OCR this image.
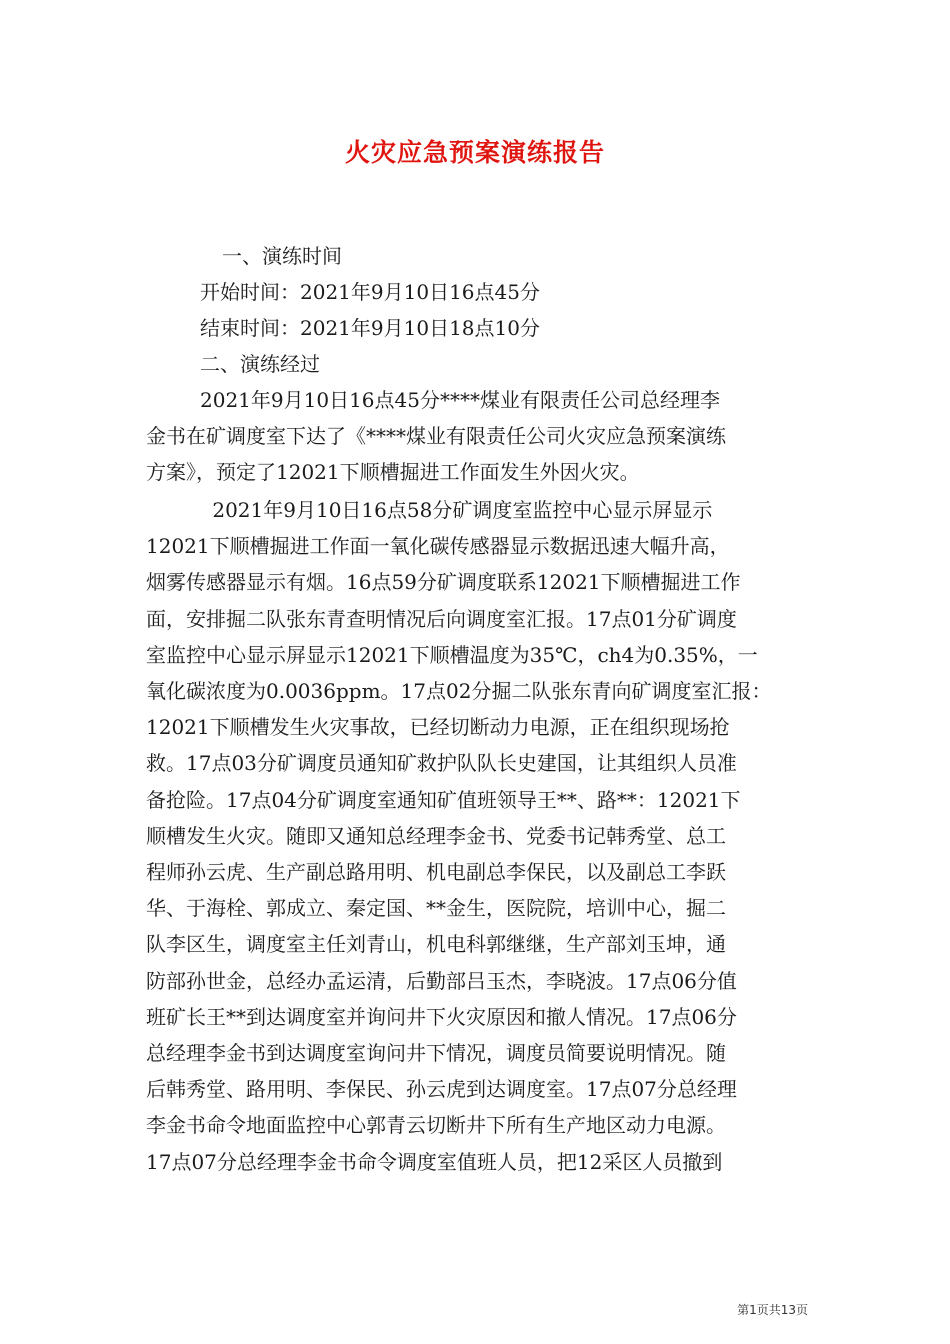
火灾应急预案演练报告
一、演练时间
开始时间：2021年9月10日16点45分
结束时间：2021年9月10日18点10分
二、演练经过
　2021年9月10日16点45分****煤业有限责任公司总经理李
金书在矿调度室下达了《****煤业有限责任公司火灾应急预案演练
方案》，预定了12021下顺槽掘进工作面发生外因火灾。
　 2021年9月10日16点58分矿调度室监控中心显示屏显示
12021下顺槽掘进工作面一氧化碳传感器显示数据迅速大幅升高，
烟雾传感器显示有烟。16点59分矿调度联系12021下顺槽掘进工作
面，安排掘二队张东青查明情况后向调度室汇报。17点01分矿调度
室监控中心显示屏显示12021下顺槽温度为35℃，ch4为0.35%，一
氧化碳浓度为0.0036ppm。17点02分掘二队张东青向矿调度室汇报：
12021下顺槽发生火灾事故，已经切断动力电源，正在组织现场抢
救。17点03分矿调度员通知矿救护队队长史建国，让其组织人员准
备抢险。17点04分矿调度室通知矿值班领导王**、路**：12021下
顺槽发生火灾。随即又通知总经理李金书、党委书记韩秀堂、总工
程师孙云虎、生产副总路用明、机电副总李保民，以及副总工李跃
华、于海栓、郭成立、秦定国、**金生，医院院，培训中心，掘二
队李区生，调度室主任刘青山，机电科郭继继，生产部刘玉坤，通
防部孙世金，总经办孟运清，后勤部吕玉杰，李晓波。17点06分值
班矿长王**到达调度室并询问井下火灾原因和撤人情况。17点06分
总经理李金书到达调度室询问井下情况，调度员简要说明情况。随
后韩秀堂、路用明、李保民、孙云虎到达调度室。17点07分总经理
李金书命令地面监控中心郭青云切断井下所有生产地区动力电源。
17点07分总经理李金书命令调度室值班人员，把12采区人员撤到
第1页共13页
